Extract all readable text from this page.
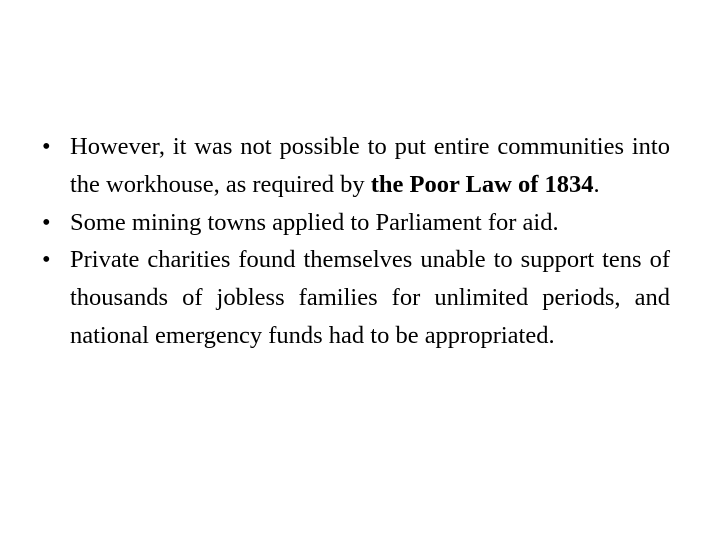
• However, it was not possible to put entire communities into the workhouse, as required by the Poor Law of 1834.
• Some mining towns applied to Parliament for aid.
• Private charities found themselves unable to support tens of thousands of jobless families for unlimited periods, and national emergency funds had to be appropriated.
